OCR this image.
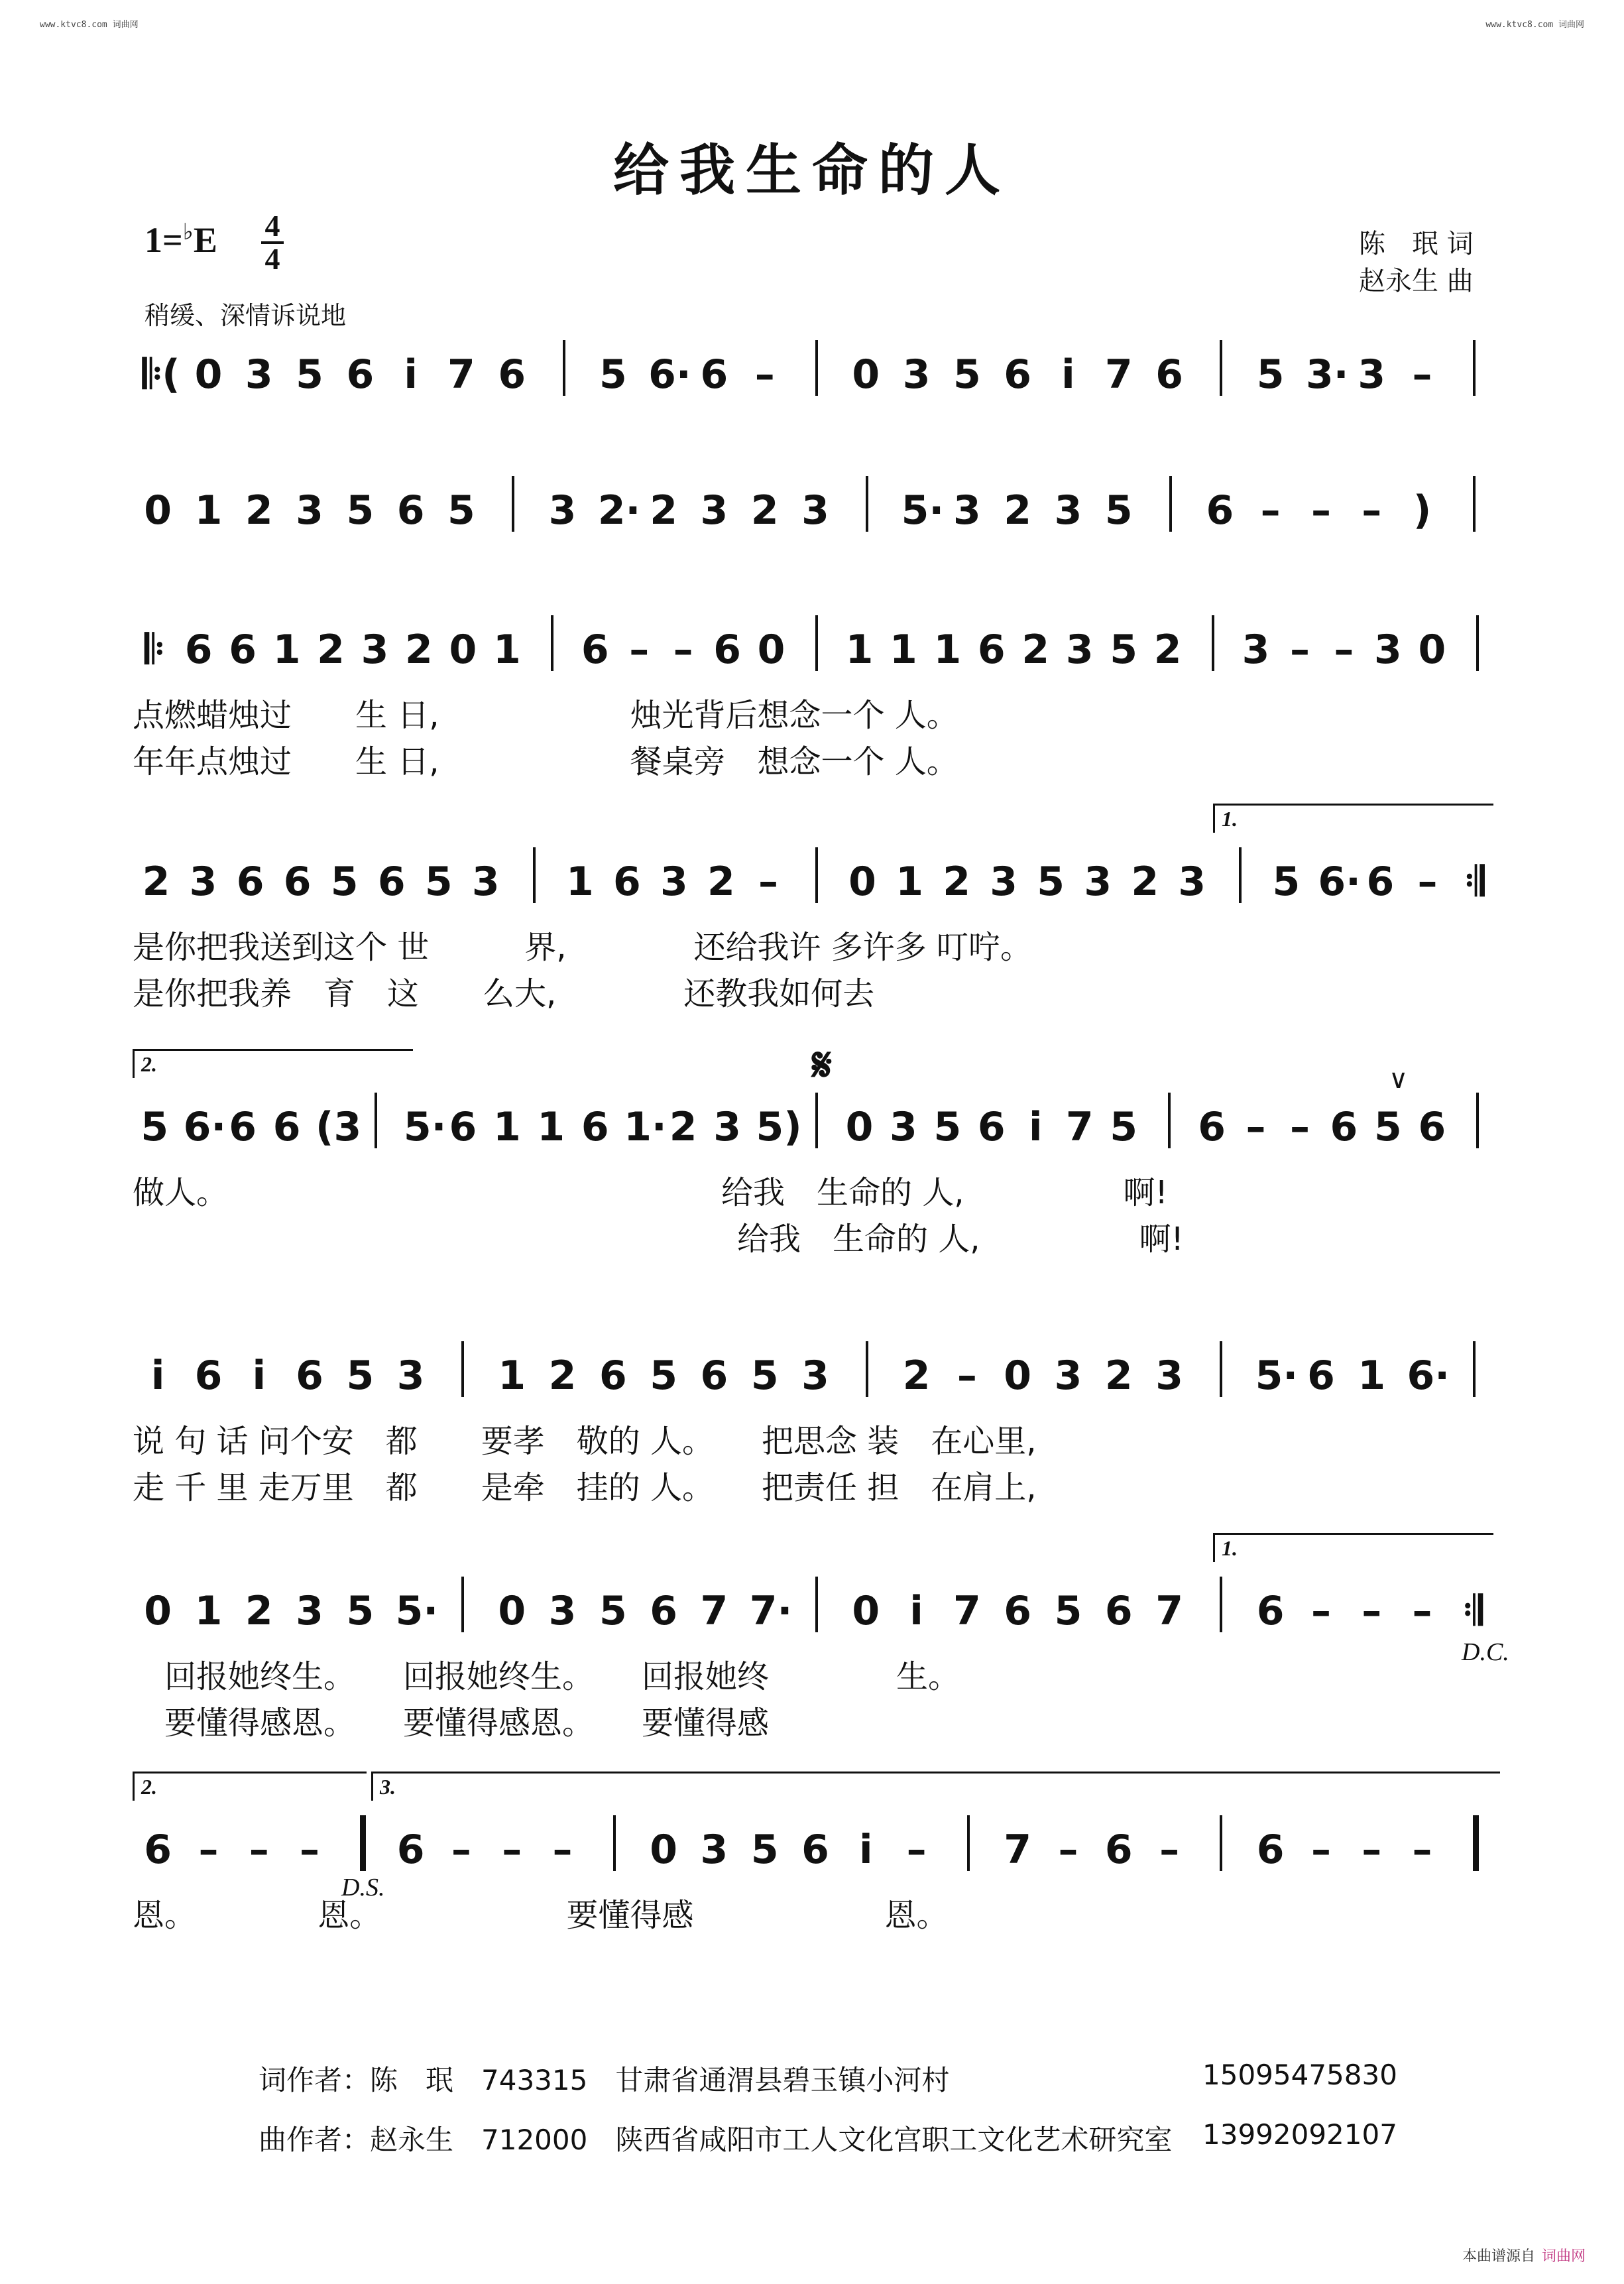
www.ktvc8.com 词曲网	www.ktvc8.com 词曲网
给我生命的人
1=♭E 4
4
稍缓、深情诉说地
陈　珉 词
赵永生 曲
𝄆( 0 3 5 6 i 7 6 5 6· 6 – 0 3 5 6 i 7 6 5 3· 3 –
0 1 2 3 5 6 5 3 2· 2 3 2 3 5· 3 2 3 5 6 – – – )
𝄆 6 6 1 2 3 2 0 1 6 – – 6 0 1 1 1 6 2 3 5 2 3 – – 3 0
点燃蜡烛过　　生 日,　　　　　　烛光背后想念一个 人。
年年点烛过　　生 日,　　　　　　餐桌旁　想念一个 人。
2 3 6 6 5 6 5 3 1 6 3 2 – 0 1 2 3 5 3 2 3 5 6· 6 – 𝄇
1.
是你把我送到这个 世　　　界,　　　　还给我许 多许多 叮咛。
是你把我养　育　这　　么大,　　　　还教我如何去
5 6· 6 6 (3 5· 6 1 1 6 1· 2 3 5) 0 3 5 6 i 7 5 6 – – 6 5 6
2.	𝄋	∨
做人。　　　　　　　　　　　　　　　　给我　生命的 人,　　　　　啊!
　　　　　　　　　　　　　　　　　　　给我　生命的 人,　　　　　啊!
i 6 i 6 5 3 1 2 6 5 6 5 3 2 – 0 3 2 3 5· 6 1 6·
说 句 话 问个安　都　　要孝　敬的 人。　　把思念 装　在心里,
走 千 里 走万里　都　　是牵　挂的 人。　　把责任 担　在肩上,
0 1 2 3 5 5· 0 3 5 6 7 7· 0 i 7 6 5 6 7 6 – – – 𝄇
1.
D.C.
　回报她终生。　　回报她终生。　　回报她终　　　　生。
　要懂得感恩。　　要懂得感恩。　　要懂得感
6 – – – 6 – – – 0 3 5 6 i – 7 – 6 – 6 – – –
2.	3.
D.S.
恩。　　　　 恩。　　　　　　 要懂得感　　　　　　恩。
词作者：陈　珉　743315　甘肃省通渭县碧玉镇小河村	15095475830
曲作者：赵永生　712000　陕西省咸阳市工人文化宫职工文化艺术研究室 13992092107
本曲谱源自 词曲网
